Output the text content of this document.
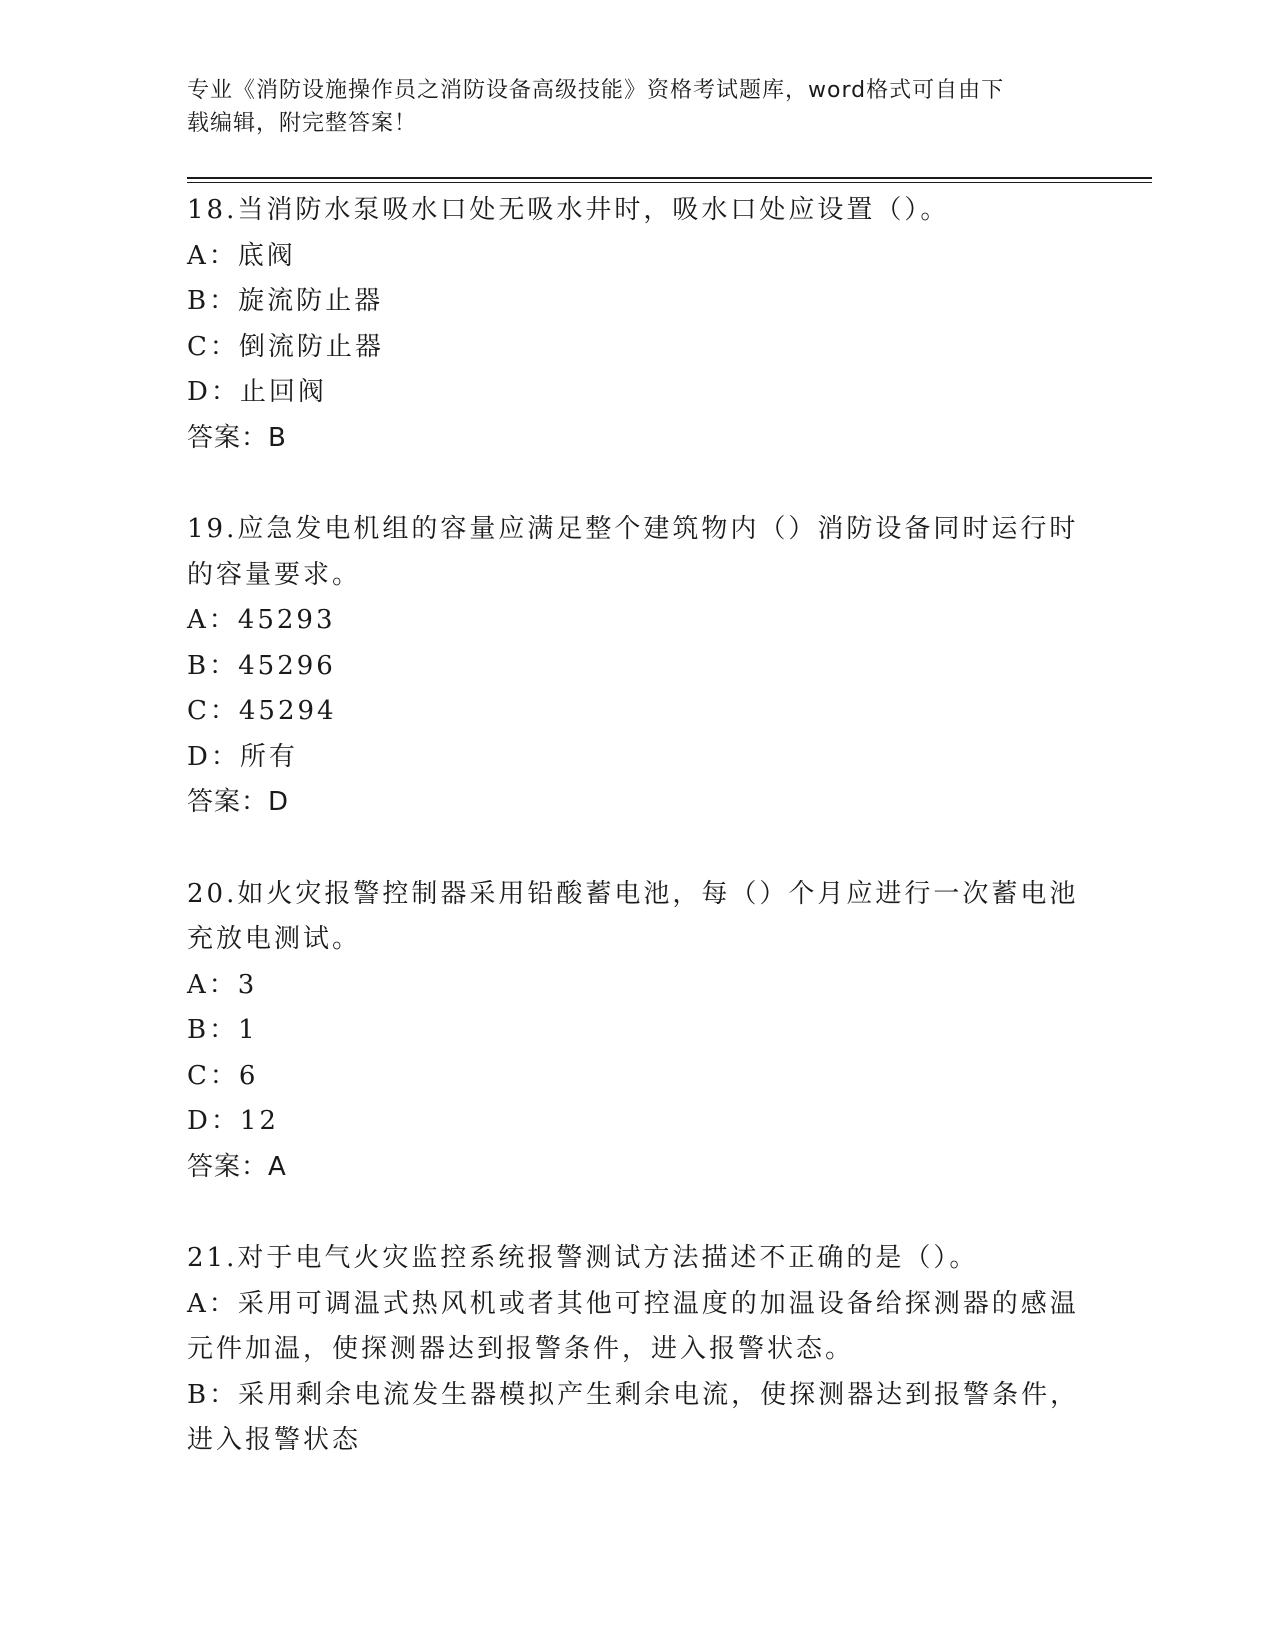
专业《消防设施操作员之消防设备高级技能》资格考试题库，word格式可自由下
载编辑，附完整答案！
18.当消防水泵吸水口处无吸水井时，吸水口处应设置（）。
A：底阀
B：旋流防止器
C：倒流防止器
D：止回阀
答案：B
19.应急发电机组的容量应满足整个建筑物内（）消防设备同时运行时
的容量要求。
A：45293
B：45296
C：45294
D：所有
答案：D
20.如火灾报警控制器采用铅酸蓄电池，每（）个月应进行一次蓄电池
充放电测试。
A：3
B：1
C：6
D：12
答案：A
21.对于电气火灾监控系统报警测试方法描述不正确的是（）。
A：采用可调温式热风机或者其他可控温度的加温设备给探测器的感温
元件加温，使探测器达到报警条件，进入报警状态。
B：采用剩余电流发生器模拟产生剩余电流，使探测器达到报警条件，
进入报警状态
